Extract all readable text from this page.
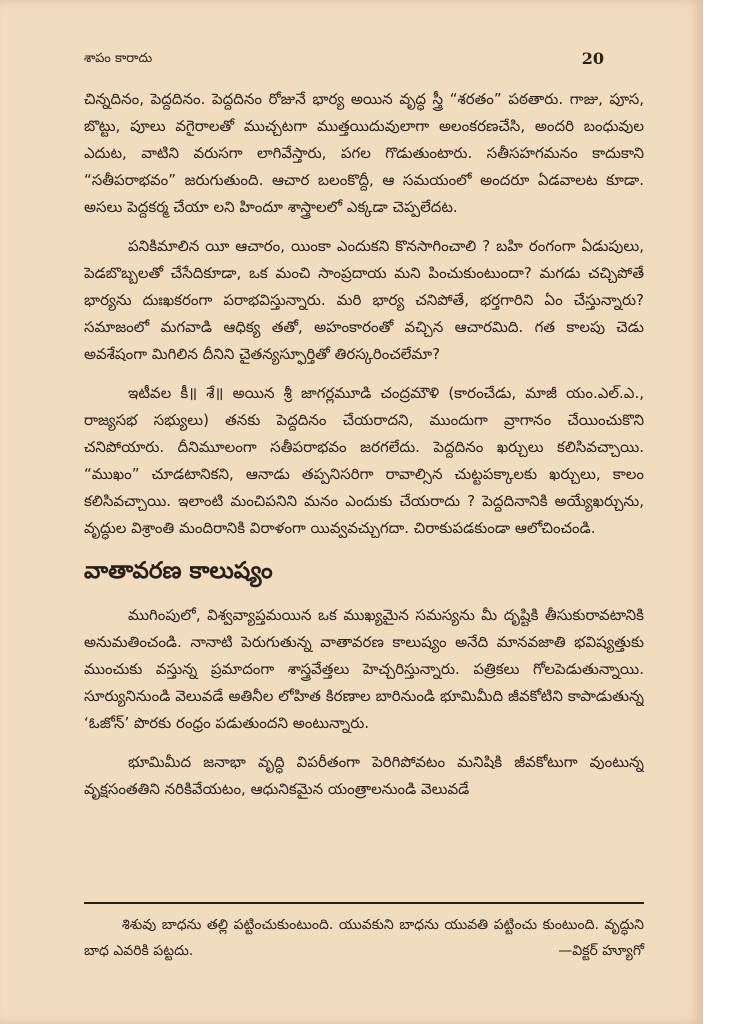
శాపం కారాదు	20

చిన్నదినం, పెద్దదినం. పెద్దదినం రోజునే భార్య అయిన వృద్ధ స్త్రీ “శరతం” పఠతారు. గాజు, పూస, బొట్టు, పూలు వగైరాలతో ముచ్చటగా ముత్తయిదువులాగా అలంకరణచేసి, అందరి బంధువుల ఎదుట, వాటిని వరుసగా లాగివేస్తారు, పగల గొడుతుంటారు. సతీసహగమనం కాదుకాని “సతీపరాభవం” జరుగుతుంది. ఆచార బలంకొద్దీ, ఆ సమయంలో అందరూ ఏడవాలట కూడా. అసలు పెద్దకర్మ చేయా లని హిందూ శాస్త్రాలలో ఎక్కడా చెప్పలేదట.

పనికిమాలిన యీ ఆచారం, యింకా ఎందుకని కొనసాగించాలి ? బహి రంగంగా ఏడుపులు, పెడబొబ్బలతో చేసేదికూడా, ఒక మంచి సాంప్రదాయ మని పించుకుంటుందా? మగడు చచ్చిపోతే భార్యను దుఃఖకరంగా పరాభవిస్తున్నారు. మరి భార్య చనిపోతే, భర్తగారిని ఏం చేస్తున్నారు? సమాజంలో మగవాడి ఆధిక్య తతో, అహంకారంతో వచ్చిన ఆచారమిది. గత కాలపు చెడు అవశేషంగా మిగిలిన దీనిని చైతన్యస్ఫూర్తితో తిరస్కరించలేమా?

ఇటీవల కీ॥ శే॥ అయిన శ్రీ జాగర్లమూడి చంద్రమౌళి (కారంచేడు, మాజీ యం.ఎల్.ఎ., రాజ్యసభ సభ్యులు) తనకు పెద్దదినం చేయరాదని, ముందుగా వ్రాగానం చేయించుకొని చనిపోయారు. దీనిమూలంగా సతీపరాభవం జరగలేదు. పెద్దదినం ఖర్చులు కలిసివచ్చాయి. “ముఖం” చూడటానికని, ఆనాడు తప్పనిసరిగా రావాల్సిన చుట్టపక్కాలకు ఖర్చులు, కాలం కలిసివచ్చాయి. ఇలాంటి మంచిపనిని మనం ఎందుకు చేయరాదు ? పెద్దదినానికి అయ్యేఖర్చును, వృద్ధుల విశ్రాంతి మందిరానికి విరాళంగా యివ్వవచ్చుగదా. చిరాకుపడకుండా ఆలోచించండి.

వాతావరణ కాలుష్యం

ముగింపులో, విశ్వవ్యాప్తమయిన ఒక ముఖ్యమైన సమస్యను మీ దృష్టికి తీసుకురావటానికి అనుమతించండి. నానాటి పెరుగుతున్న వాతావరణ కాలుష్యం అనేది మానవజాతి భవిష్యత్తుకు ముంచుకు వస్తున్న ప్రమాదంగా శాస్త్రవేత్తలు హెచ్చరిస్తున్నారు. పత్రికలు గోలపెడుతున్నాయి. సూర్యునినుండి వెలువడే అతినీల లోహిత కిరణాల బారినుండి భూమిమీది జీవకోటిని కాపాడుతున్న ‘ఓజోన్’ పొరకు రంధ్రం పడుతుందని అంటున్నారు.

భూమిమీద జనాభా వృద్ధి విపరీతంగా పెరిగిపోవటం మనిషికి జీవకోటుగా వుంటున్న వృక్షసంతతిని నరికివేయటం, ఆధునికమైన యంత్రాలనుండి వెలువడే

శిశువు బాధను తల్లి పట్టించుకుంటుంది. యువకుని బాధను యువతి పట్టించు కుంటుంది. వృద్ధుని బాధ ఎవరికి పట్టదు.	—విక్టర్ హ్యూగో
